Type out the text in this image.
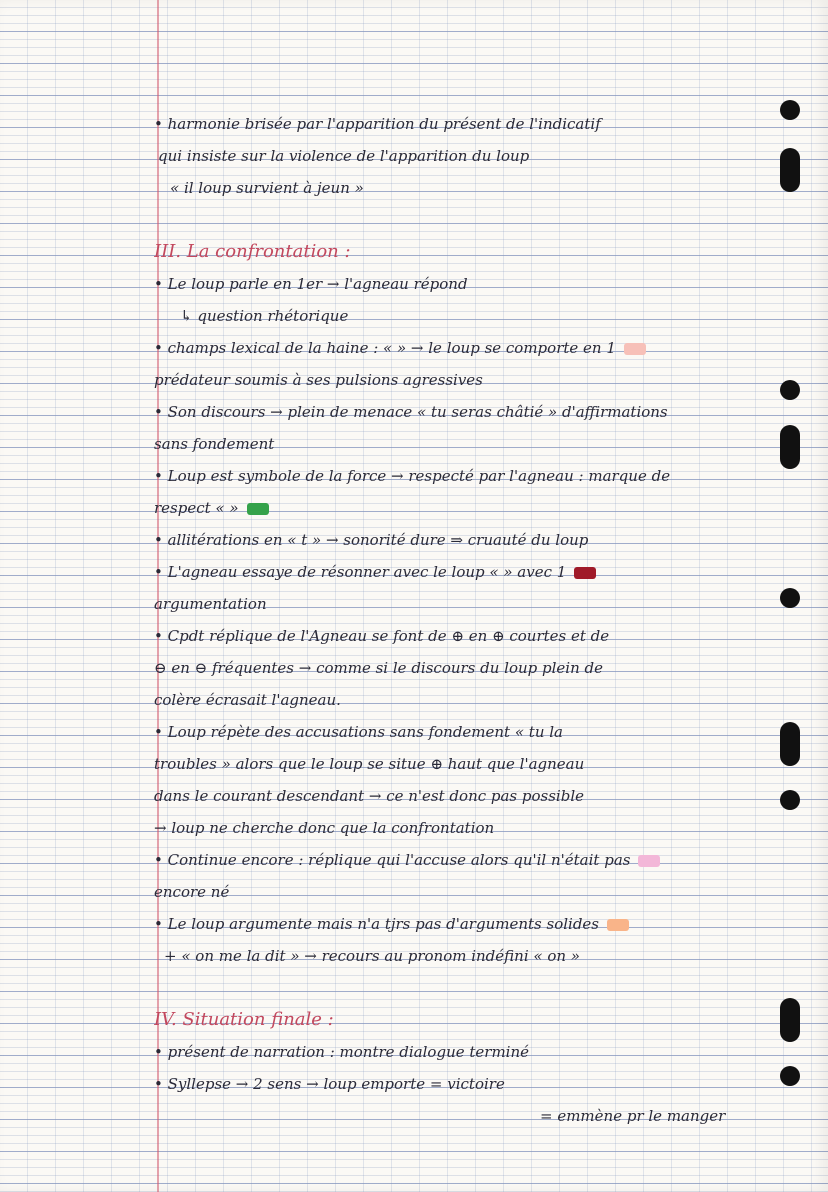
• harmonie brisée par l'apparition du présent de l'indicatif
qui insiste sur la violence de l'apparition du loup
« il loup survient à jeun »
III. La confrontation :
• Le loup parle en 1er → l'agneau répond
↳ question rhétorique
• champs lexical de la haine : « » → le loup se comporte en 1
prédateur soumis à ses pulsions agressives
• Son discours → plein de menace « tu seras châtié » d'affirmations
sans fondement
• Loup est symbole de la force → respecté par l'agneau : marque de
respect « »
• allitérations en « t » → sonorité dure ⇒ cruauté du loup
• L'agneau essaye de résonner avec le loup « » avec 1
argumentation
• Cpdt réplique de l'Agneau se font de ⊕ en ⊕ courtes et de
⊖ en ⊖ fréquentes → comme si le discours du loup plein de
colère écrasait l'agneau.
• Loup répète des accusations sans fondement « tu la
troubles » alors que le loup se situe ⊕ haut que l'agneau
dans le courant descendant → ce n'est donc pas possible
→ loup ne cherche donc que la confrontation
• Continue encore : réplique qui l'accuse alors qu'il n'était pas
encore né
• Le loup argumente mais n'a tjrs pas d'arguments solides
+ « on me la dit » → recours au pronom indéfini « on »
IV. Situation finale :
• présent de narration : montre dialogue terminé
• Syllepse → 2 sens → loup emporte = victoire
= emmène pr le manger
